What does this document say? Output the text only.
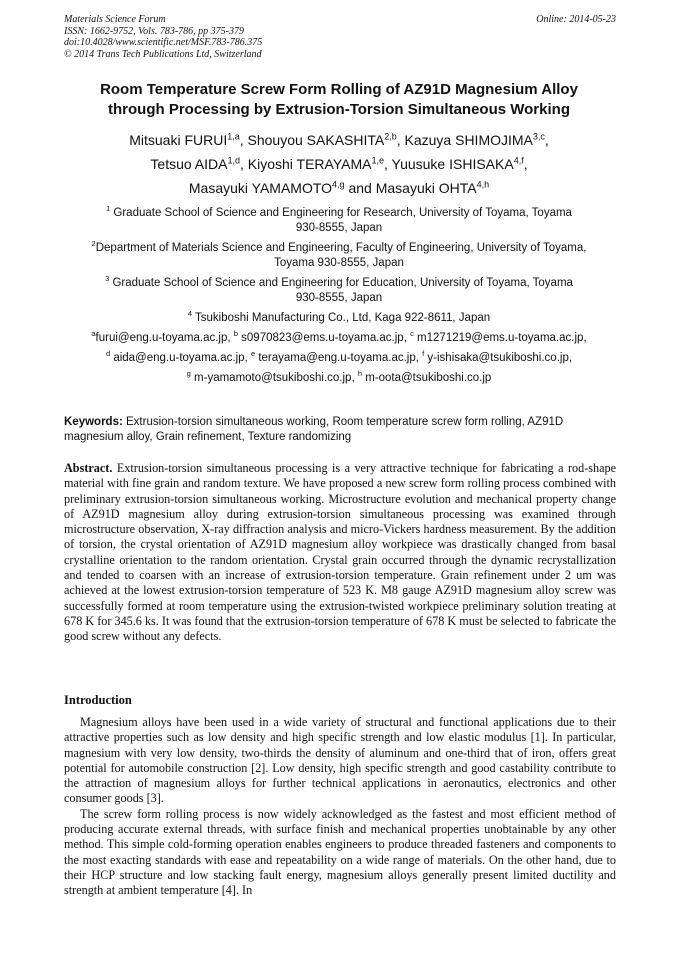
Materials Science Forum
ISSN: 1662-9752, Vols. 783-786, pp 375-379
doi:10.4028/www.scientific.net/MSF.783-786.375
© 2014 Trans Tech Publications Ltd, Switzerland
Online: 2014-05-23
Room Temperature Screw Form Rolling of AZ91D Magnesium Alloy
through Processing by Extrusion-Torsion Simultaneous Working
Mitsuaki FURUI$^{1,a}$, Shouyou SAKASHITA$^{2,b}$, Kazuya SHIMOJIMA$^{3,c}$,
Tetsuo AIDA$^{1,d}$, Kiyoshi TERAYAMA$^{1,e}$, Yuusuke ISHISAKA$^{4,f}$,
Masayuki YAMAMOTO$^{4,g}$ and Masayuki OHTA$^{4,h}$

$^1$ Graduate School of Science and Engineering for Research, University of Toyama, Toyama
930-8555, Japan

$^2$Department of Materials Science and Engineering, Faculty of Engineering, University of Toyama,
Toyama 930-8555, Japan

$^3$ Graduate School of Science and Engineering for Education, University of Toyama, Toyama
930-8555, Japan

$^4$ Tsukiboshi Manufacturing Co., Ltd, Kaga 922-8611, Japan

$^a$furui@eng.u-toyama.ac.jp, $^b$ s0970823@ems.u-toyama.ac.jp, $^c$ m1271219@ems.u-toyama.ac.jp,

$^d$ aida@eng.u-toyama.ac.jp, $^e$ terayama@eng.u-toyama.ac.jp, $^f$ y-ishisaka@tsukiboshi.co.jp,

$^g$ m-yamamoto@tsukiboshi.co.jp, $^h$ m-oota@tsukiboshi.co.jp

Keywords: Extrusion-torsion simultaneous working, Room temperature screw form rolling, AZ91D magnesium alloy, Grain refinement, Texture randomizing

Abstract. Extrusion-torsion simultaneous processing is a very attractive technique for fabricating a rod-shape material with fine grain and random texture. We have proposed a new screw form rolling process combined with preliminary extrusion-torsion simultaneous working. Microstructure evolution and mechanical property change of AZ91D magnesium alloy during extrusion-torsion simultaneous processing was examined through microstructure observation, X-ray diffraction analysis and micro-Vickers hardness measurement. By the addition of torsion, the crystal orientation of AZ91D magnesium alloy workpiece was drastically changed from basal crystalline orientation to the random orientation. Crystal grain occurred through the dynamic recrystallization and tended to coarsen with an increase of extrusion-torsion temperature. Grain refinement under 2 um was achieved at the lowest extrusion-torsion temperature of 523 K. M8 gauge AZ91D magnesium alloy screw was successfully formed at room temperature using the extrusion-twisted workpiece preliminary solution treating at 678 K for 345.6 ks. It was found that the extrusion-torsion temperature of 678 K must be selected to fabricate the good screw without any defects.

Introduction

Magnesium alloys have been used in a wide variety of structural and functional applications due to their attractive properties such as low density and high specific strength and low elastic modulus [1]. In particular, magnesium with very low density, two-thirds the density of aluminum and one-third that of iron, offers great potential for automobile construction [2]. Low density, high specific strength and good castability contribute to the attraction of magnesium alloys for further technical applications in aeronautics, electronics and other consumer goods [3].

The screw form rolling process is now widely acknowledged as the fastest and most efficient method of producing accurate external threads, with surface finish and mechanical properties unobtainable by any other method. This simple cold-forming operation enables engineers to produce threaded fasteners and components to the most exacting standards with ease and repeatability on a wide range of materials. On the other hand, due to their HCP structure and low stacking fault energy, magnesium alloys generally present limited ductility and strength at ambient temperature [4]. In
